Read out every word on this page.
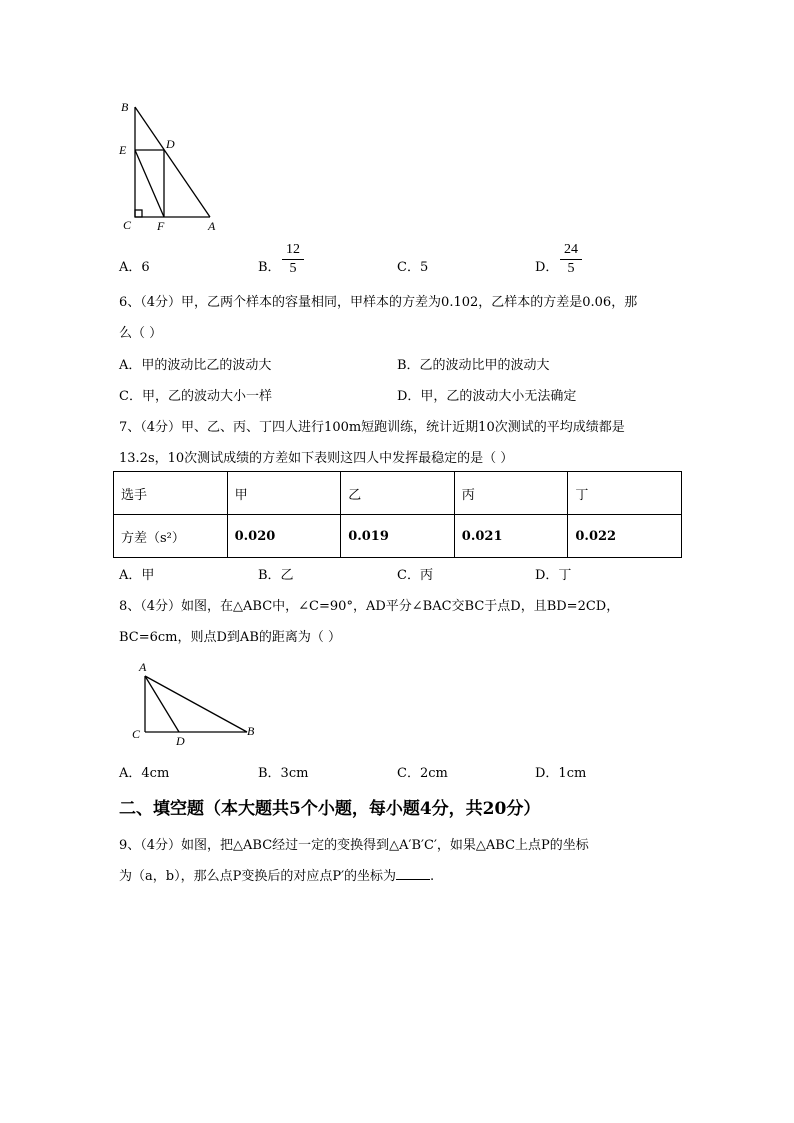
B
E	D
C F	A
A．6	B．
12
5	C．5	D．
24
5
6、（4分）甲，乙两个样本的容量相同，甲样本的方差为0.102，乙样本的方差是0.06，那
么（ ）
A．甲的波动比乙的波动大	B．乙的波动比甲的波动大
C．甲，乙的波动大小一样	D．甲，乙的波动大小无法确定
7、（4分）甲、乙、丙、丁四人进行100m短跑训练，统计近期10次测试的平均成绩都是
13.2s，10次测试成绩的方差如下表则这四人中发挥最稳定的是（ ）
选手	甲	乙	丙	丁
方差（s²）	0.020	0.019	0.021	0.022
A．甲	B．乙	C．丙	D．丁
8、（4分）如图，在△ABC中，∠C=90°，AD平分∠BAC交BC于点D，且BD=2CD，
BC=6cm，则点D到AB的距离为（ ）
A
C	D
B
A．4cm	B．3cm	C．2cm	D．1cm
二、填空题（本大题共5个小题，每小题4分，共20分）
9、（4分）如图，把△ABC经过一定的变换得到△A′B′C′，如果△ABC上点P的坐标
为（a，b），那么点P变换后的对应点P′的坐标为	.
